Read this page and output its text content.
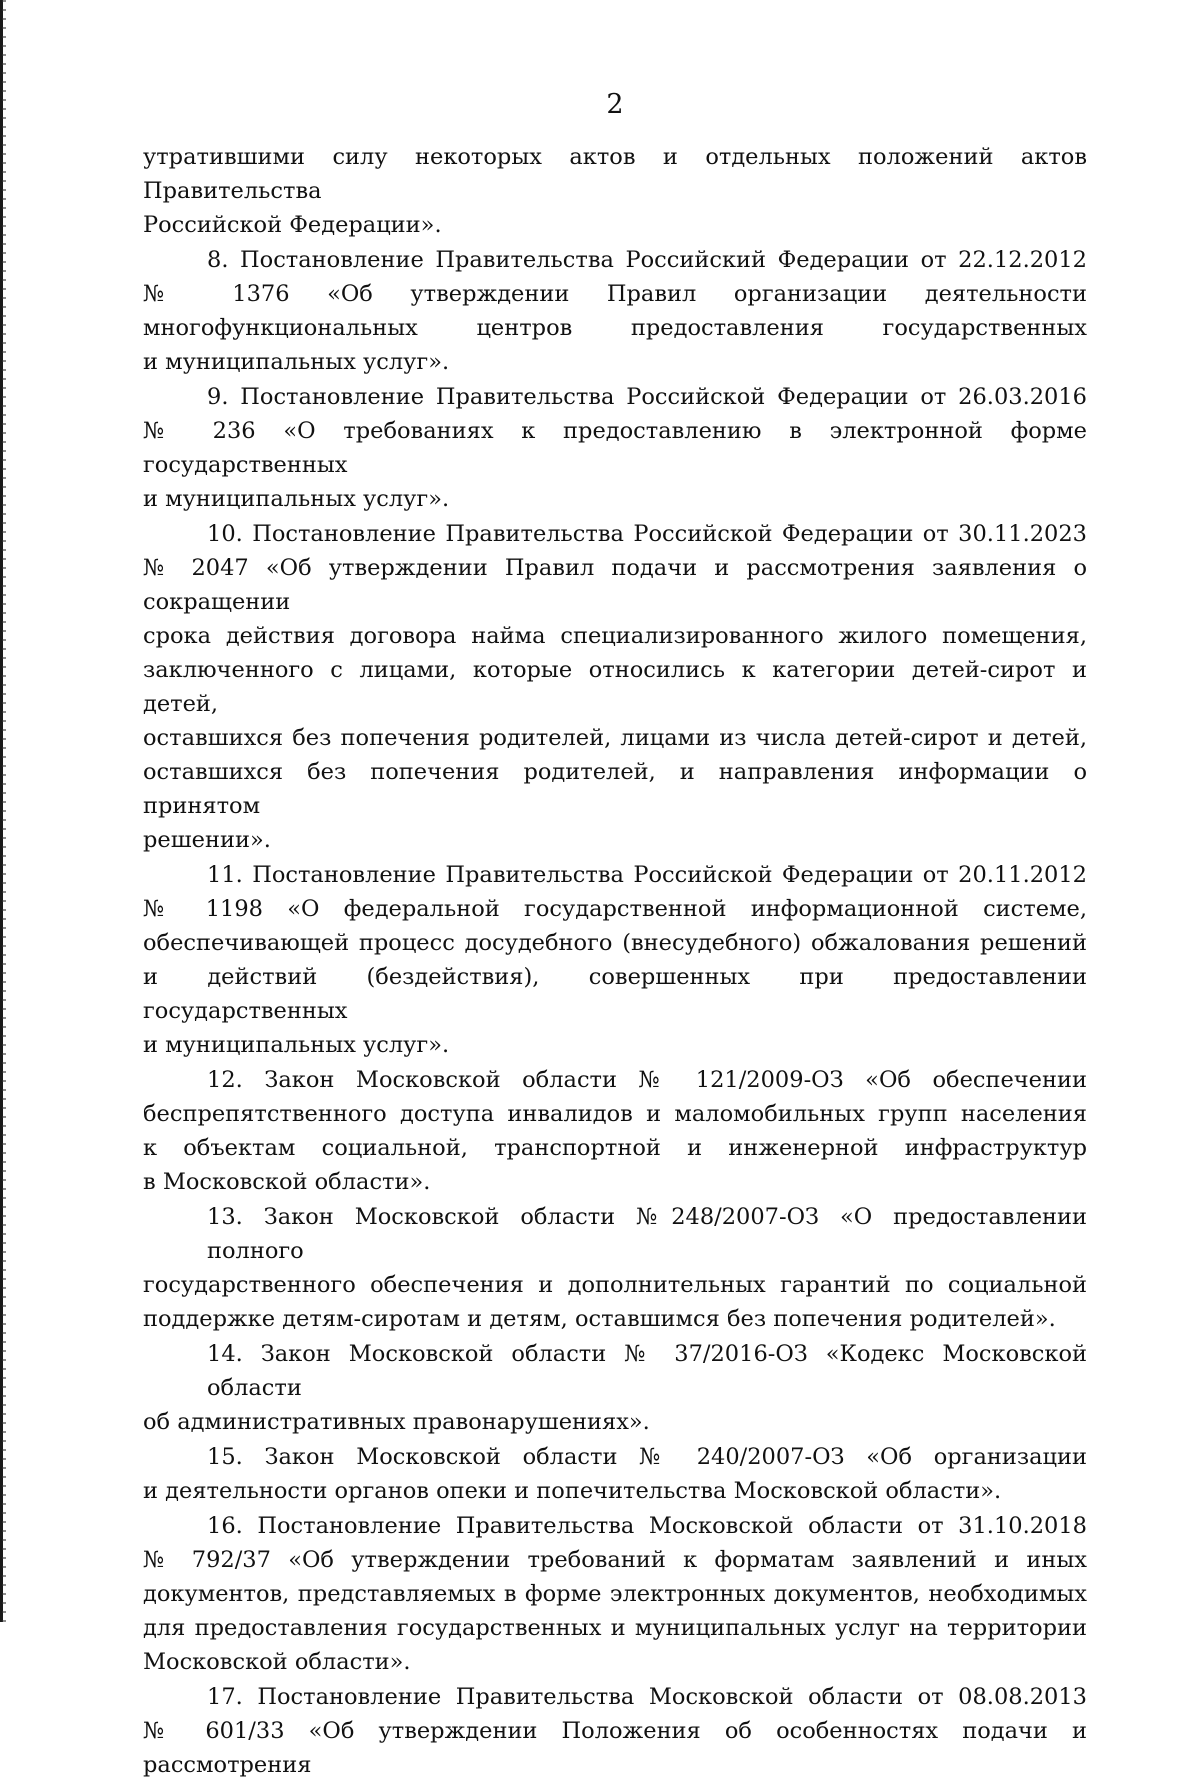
2

утратившими силу некоторых актов и отдельных положений актов Правительства
Российской Федерации».

8. Постановление Правительства Российский Федерации от 22.12.2012
№ 1376 «Об утверждении Правил организации деятельности
многофункциональных центров предоставления государственных
и муниципальных услуг».

9. Постановление Правительства Российской Федерации от 26.03.2016
№ 236 «О требованиях к предоставлению в электронной форме государственных
и муниципальных услуг».

10. Постановление Правительства Российской Федерации от 30.11.2023
№ 2047 «Об утверждении Правил подачи и рассмотрения заявления о сокращении
срока действия договора найма специализированного жилого помещения,
заключенного с лицами, которые относились к категории детей-сирот и детей,
оставшихся без попечения родителей, лицами из числа детей-сирот и детей,
оставшихся без попечения родителей, и направления информации о принятом
решении».

11. Постановление Правительства Российской Федерации от 20.11.2012
№ 1198 «О федеральной государственной информационной системе,
обеспечивающей процесс досудебного (внесудебного) обжалования решений
и действий (бездействия), совершенных при предоставлении государственных
и муниципальных услуг».

12. Закон Московской области № 121/2009-ОЗ «Об обеспечении
беспрепятственного доступа инвалидов и маломобильных групп населения
к объектам социальной, транспортной и инженерной инфраструктур
в Московской области».

13. Закон Московской области №248/2007-ОЗ «О предоставлении полного
государственного обеспечения и дополнительных гарантий по социальной
поддержке детям-сиротам и детям, оставшимся без попечения родителей».

14. Закон Московской области № 37/2016-ОЗ «Кодекс Московской области
об административных правонарушениях».

15. Закон Московской области № 240/2007-ОЗ «Об организации
и деятельности органов опеки и попечительства Московской области».

16. Постановление Правительства Московской области от 31.10.2018
№ 792/37 «Об утверждении требований к форматам заявлений и иных
документов, представляемых в форме электронных документов, необходимых
для предоставления государственных и муниципальных услуг на территории
Московской области».

17. Постановление Правительства Московской области от 08.08.2013
№ 601/33 «Об утверждении Положения об особенностях подачи и рассмотрения
